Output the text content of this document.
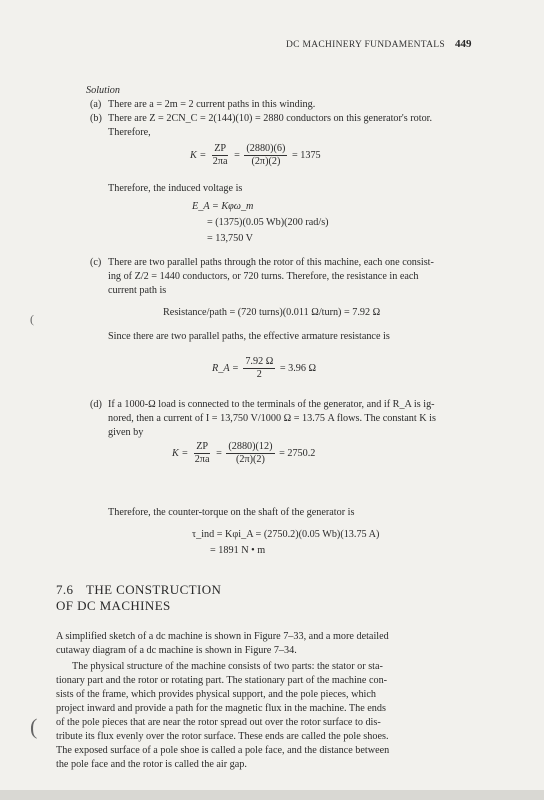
DC MACHINERY FUNDAMENTALS 449
Solution
(a) There are a = 2m = 2 current paths in this winding.
(b) There are Z = 2CN_C = 2(144)(10) = 2880 conductors on this generator's rotor.
Therefore,
$K = \frac{ZP}{2\pi a} = \frac{(2880)(6)}{(2\pi)(2)} = 1375$
Therefore, the induced voltage is
E_A = Kφω_m
= (1375)(0.05 Wb)(200 rad/s)
= 13,750 V
(c) There are two parallel paths through the rotor of this machine, each one consist-
ing of Z/2 = 1440 conductors, or 720 turns. Therefore, the resistance in each
current path is
Resistance/path = (720 turns)(0.011 Ω/turn) = 7.92 Ω
Since there are two parallel paths, the effective armature resistance is
R_A = $\frac{7.92 \Omega}{2} = 3.96$ Ω
(d) If a 1000-Ω load is connected to the terminals of the generator, and if R_A is ig-
nored, then a current of I = 13,750 V/1000 Ω = 13.75 A flows. The constant K is
given by
$K = \frac{ZP}{2\pi a} = \frac{(2880)(12)}{(2\pi)(2)} = 2750.2$
Therefore, the counter-torque on the shaft of the generator is
τ_ind = Kφi_A = (2750.2)(0.05 Wb)(13.75 A)
= 1891 N • m
7.6 THE CONSTRUCTION
OF DC MACHINES
A simplified sketch of a dc machine is shown in Figure 7–33, and a more detailed
cutaway diagram of a dc machine is shown in Figure 7–34.
The physical structure of the machine consists of two parts: the stator or sta-
tionary part and the rotor or rotating part. The stationary part of the machine con-
sists of the frame, which provides physical support, and the pole pieces, which
project inward and provide a path for the magnetic flux in the machine. The ends
of the pole pieces that are near the rotor spread out over the rotor surface to dis-
tribute its flux evenly over the rotor surface. These ends are called the pole shoes.
The exposed surface of a pole shoe is called a pole face, and the distance between
the pole face and the rotor is called the air gap.
(
(
